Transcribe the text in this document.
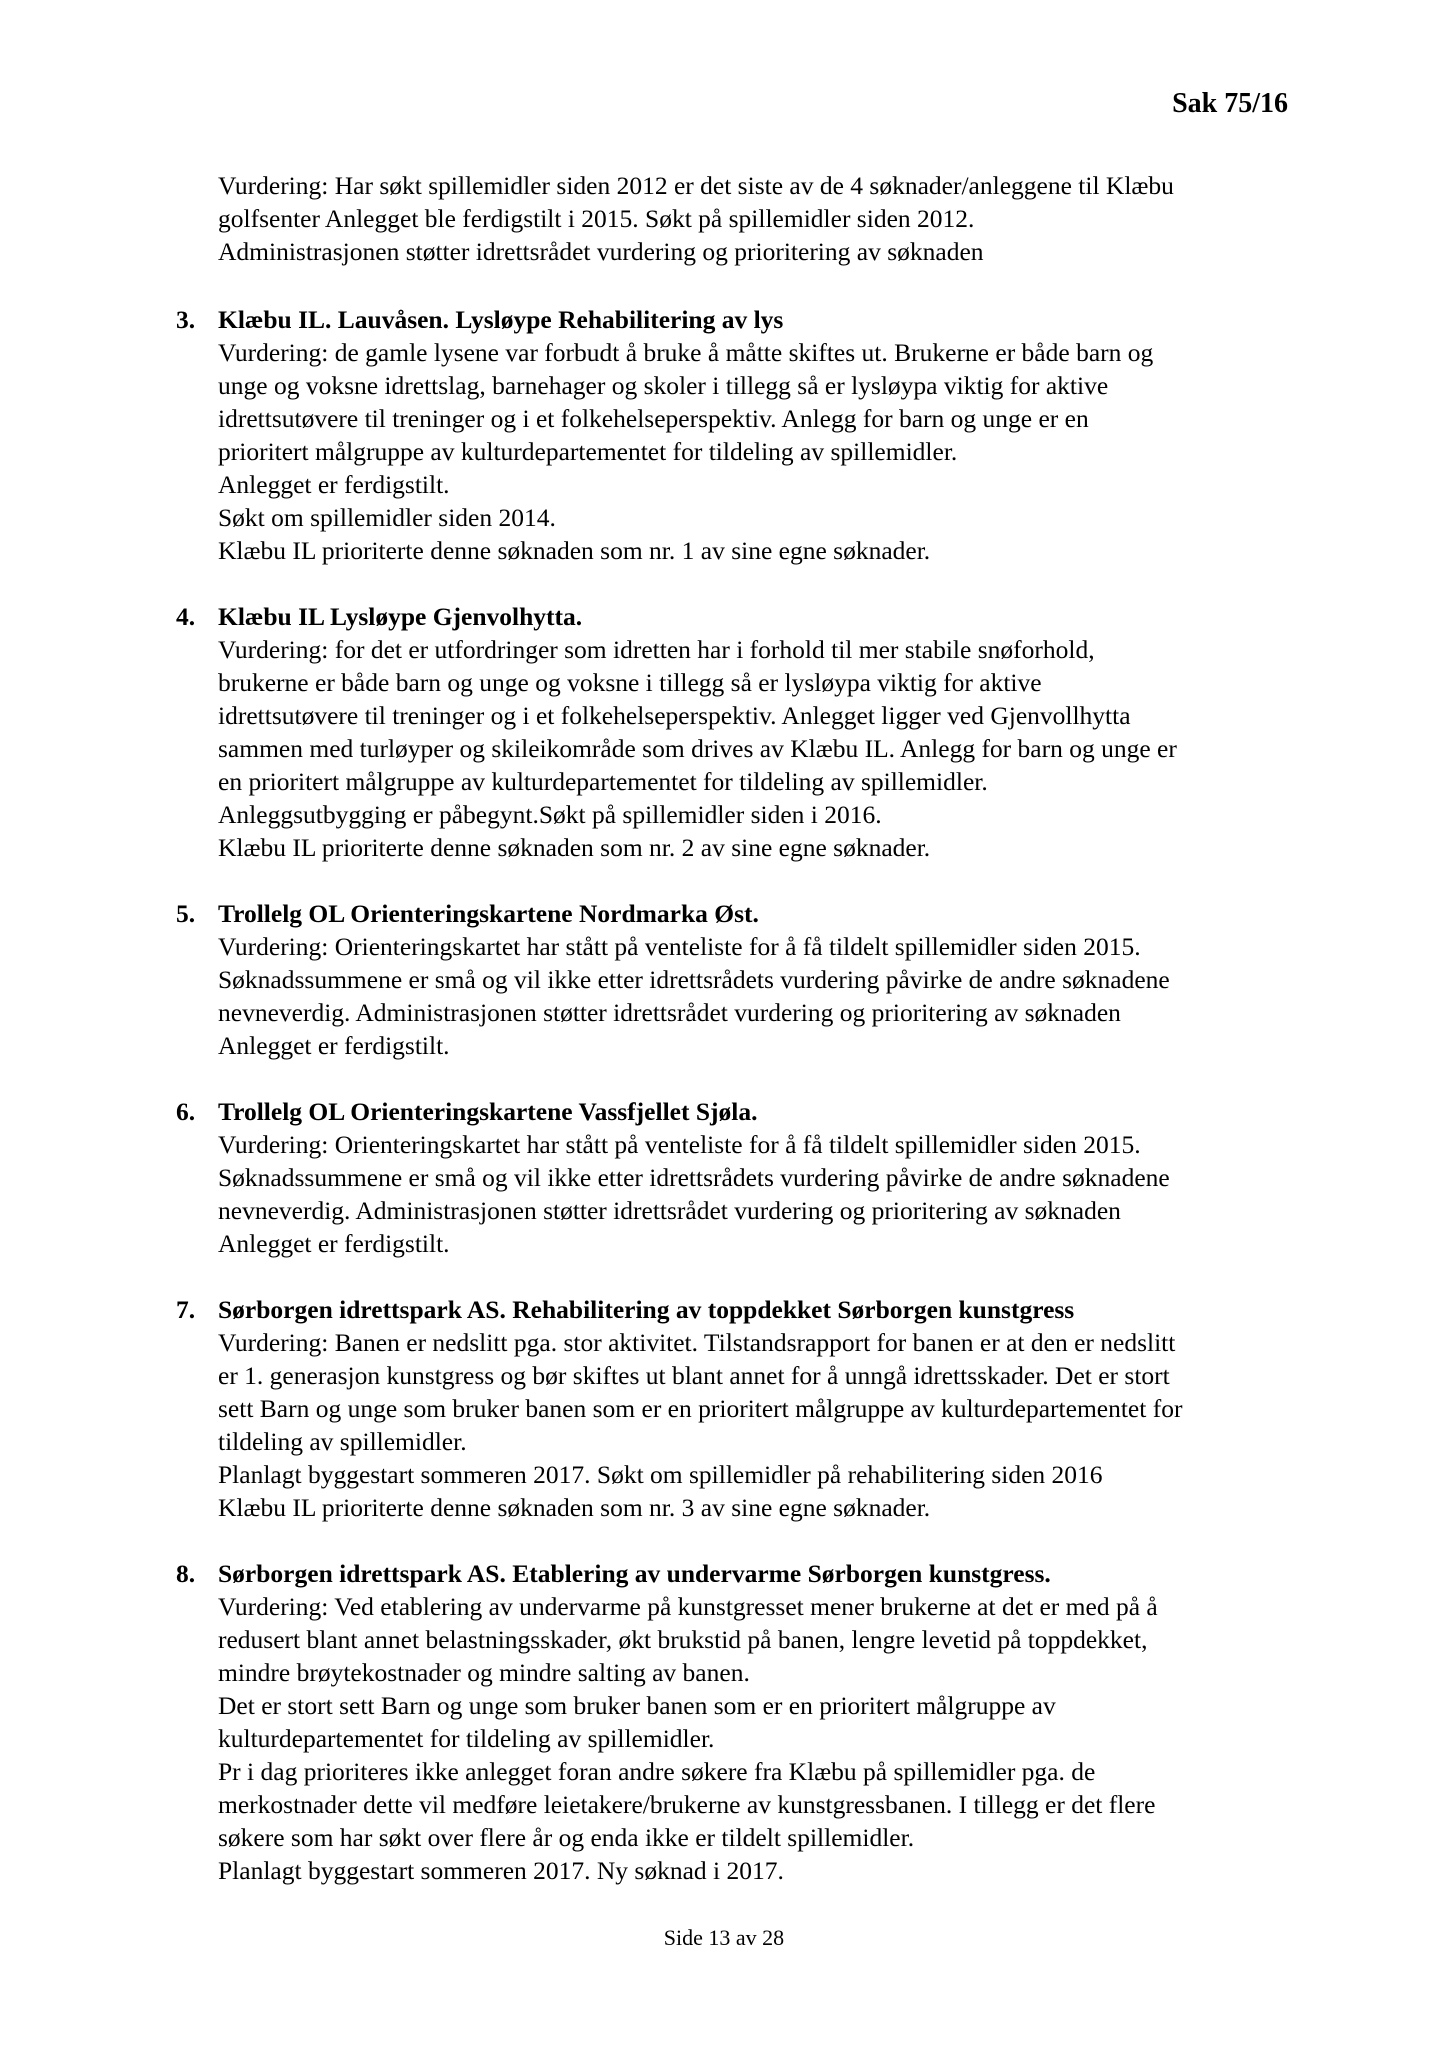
Sak 75/16
Vurdering: Har søkt spillemidler siden 2012 er det siste av de 4 søknader/anleggene til Klæbu
golfsenter Anlegget ble ferdigstilt i 2015. Søkt på spillemidler siden 2012.
Administrasjonen støtter idrettsrådet vurdering og prioritering av søknaden
3. Klæbu IL. Lauvåsen. Lysløype Rehabilitering av lys
Vurdering: de gamle lysene var forbudt å bruke å måtte skiftes ut. Brukerne er både barn og
unge og voksne idrettslag, barnehager og skoler i tillegg så er lysløypa viktig for aktive
idrettsutøvere til treninger og i et folkehelseperspektiv. Anlegg for barn og unge er en
prioritert målgruppe av kulturdepartementet for tildeling av spillemidler.
Anlegget er ferdigstilt.
Søkt om spillemidler siden 2014.
Klæbu IL prioriterte denne søknaden som nr. 1 av sine egne søknader.
4. Klæbu IL Lysløype Gjenvolhytta.
Vurdering: for det er utfordringer som idretten har i forhold til mer stabile snøforhold,
brukerne er både barn og unge og voksne i tillegg så er lysløypa viktig for aktive
idrettsutøvere til treninger og i et folkehelseperspektiv. Anlegget ligger ved Gjenvollhytta
sammen med turløyper og skileikområde som drives av Klæbu IL. Anlegg for barn og unge er
en prioritert målgruppe av kulturdepartementet for tildeling av spillemidler.
Anleggsutbygging er påbegynt.Søkt på spillemidler siden i 2016.
Klæbu IL prioriterte denne søknaden som nr. 2 av sine egne søknader.
5. Trollelg OL Orienteringskartene Nordmarka Øst.
Vurdering: Orienteringskartet har stått på venteliste for å få tildelt spillemidler siden 2015.
Søknadssummene er små og vil ikke etter idrettsrådets vurdering påvirke de andre søknadene
nevneverdig. Administrasjonen støtter idrettsrådet vurdering og prioritering av søknaden
Anlegget er ferdigstilt.
6. Trollelg OL Orienteringskartene Vassfjellet Sjøla.
Vurdering: Orienteringskartet har stått på venteliste for å få tildelt spillemidler siden 2015.
Søknadssummene er små og vil ikke etter idrettsrådets vurdering påvirke de andre søknadene
nevneverdig. Administrasjonen støtter idrettsrådet vurdering og prioritering av søknaden
Anlegget er ferdigstilt.
7. Sørborgen idrettspark AS. Rehabilitering av toppdekket Sørborgen kunstgress
Vurdering: Banen er nedslitt pga. stor aktivitet. Tilstandsrapport for banen er at den er nedslitt
er 1. generasjon kunstgress og bør skiftes ut blant annet for å unngå idrettsskader. Det er stort
sett Barn og unge som bruker banen som er en prioritert målgruppe av kulturdepartementet for
tildeling av spillemidler.
Planlagt byggestart sommeren 2017. Søkt om spillemidler på rehabilitering siden 2016
Klæbu IL prioriterte denne søknaden som nr. 3 av sine egne søknader.
8. Sørborgen idrettspark AS. Etablering av undervarme Sørborgen kunstgress.
Vurdering: Ved etablering av undervarme på kunstgresset mener brukerne at det er med på å
redusert blant annet belastningsskader, økt brukstid på banen, lengre levetid på toppdekket,
mindre brøytekostnader og mindre salting av banen.
Det er stort sett Barn og unge som bruker banen som er en prioritert målgruppe av
kulturdepartementet for tildeling av spillemidler.
Pr i dag prioriteres ikke anlegget foran andre søkere fra Klæbu på spillemidler pga. de
merkostnader dette vil medføre leietakere/brukerne av kunstgressbanen. I tillegg er det flere
søkere som har søkt over flere år og enda ikke er tildelt spillemidler.
Planlagt byggestart sommeren 2017. Ny søknad i 2017.
Side 13 av 28
